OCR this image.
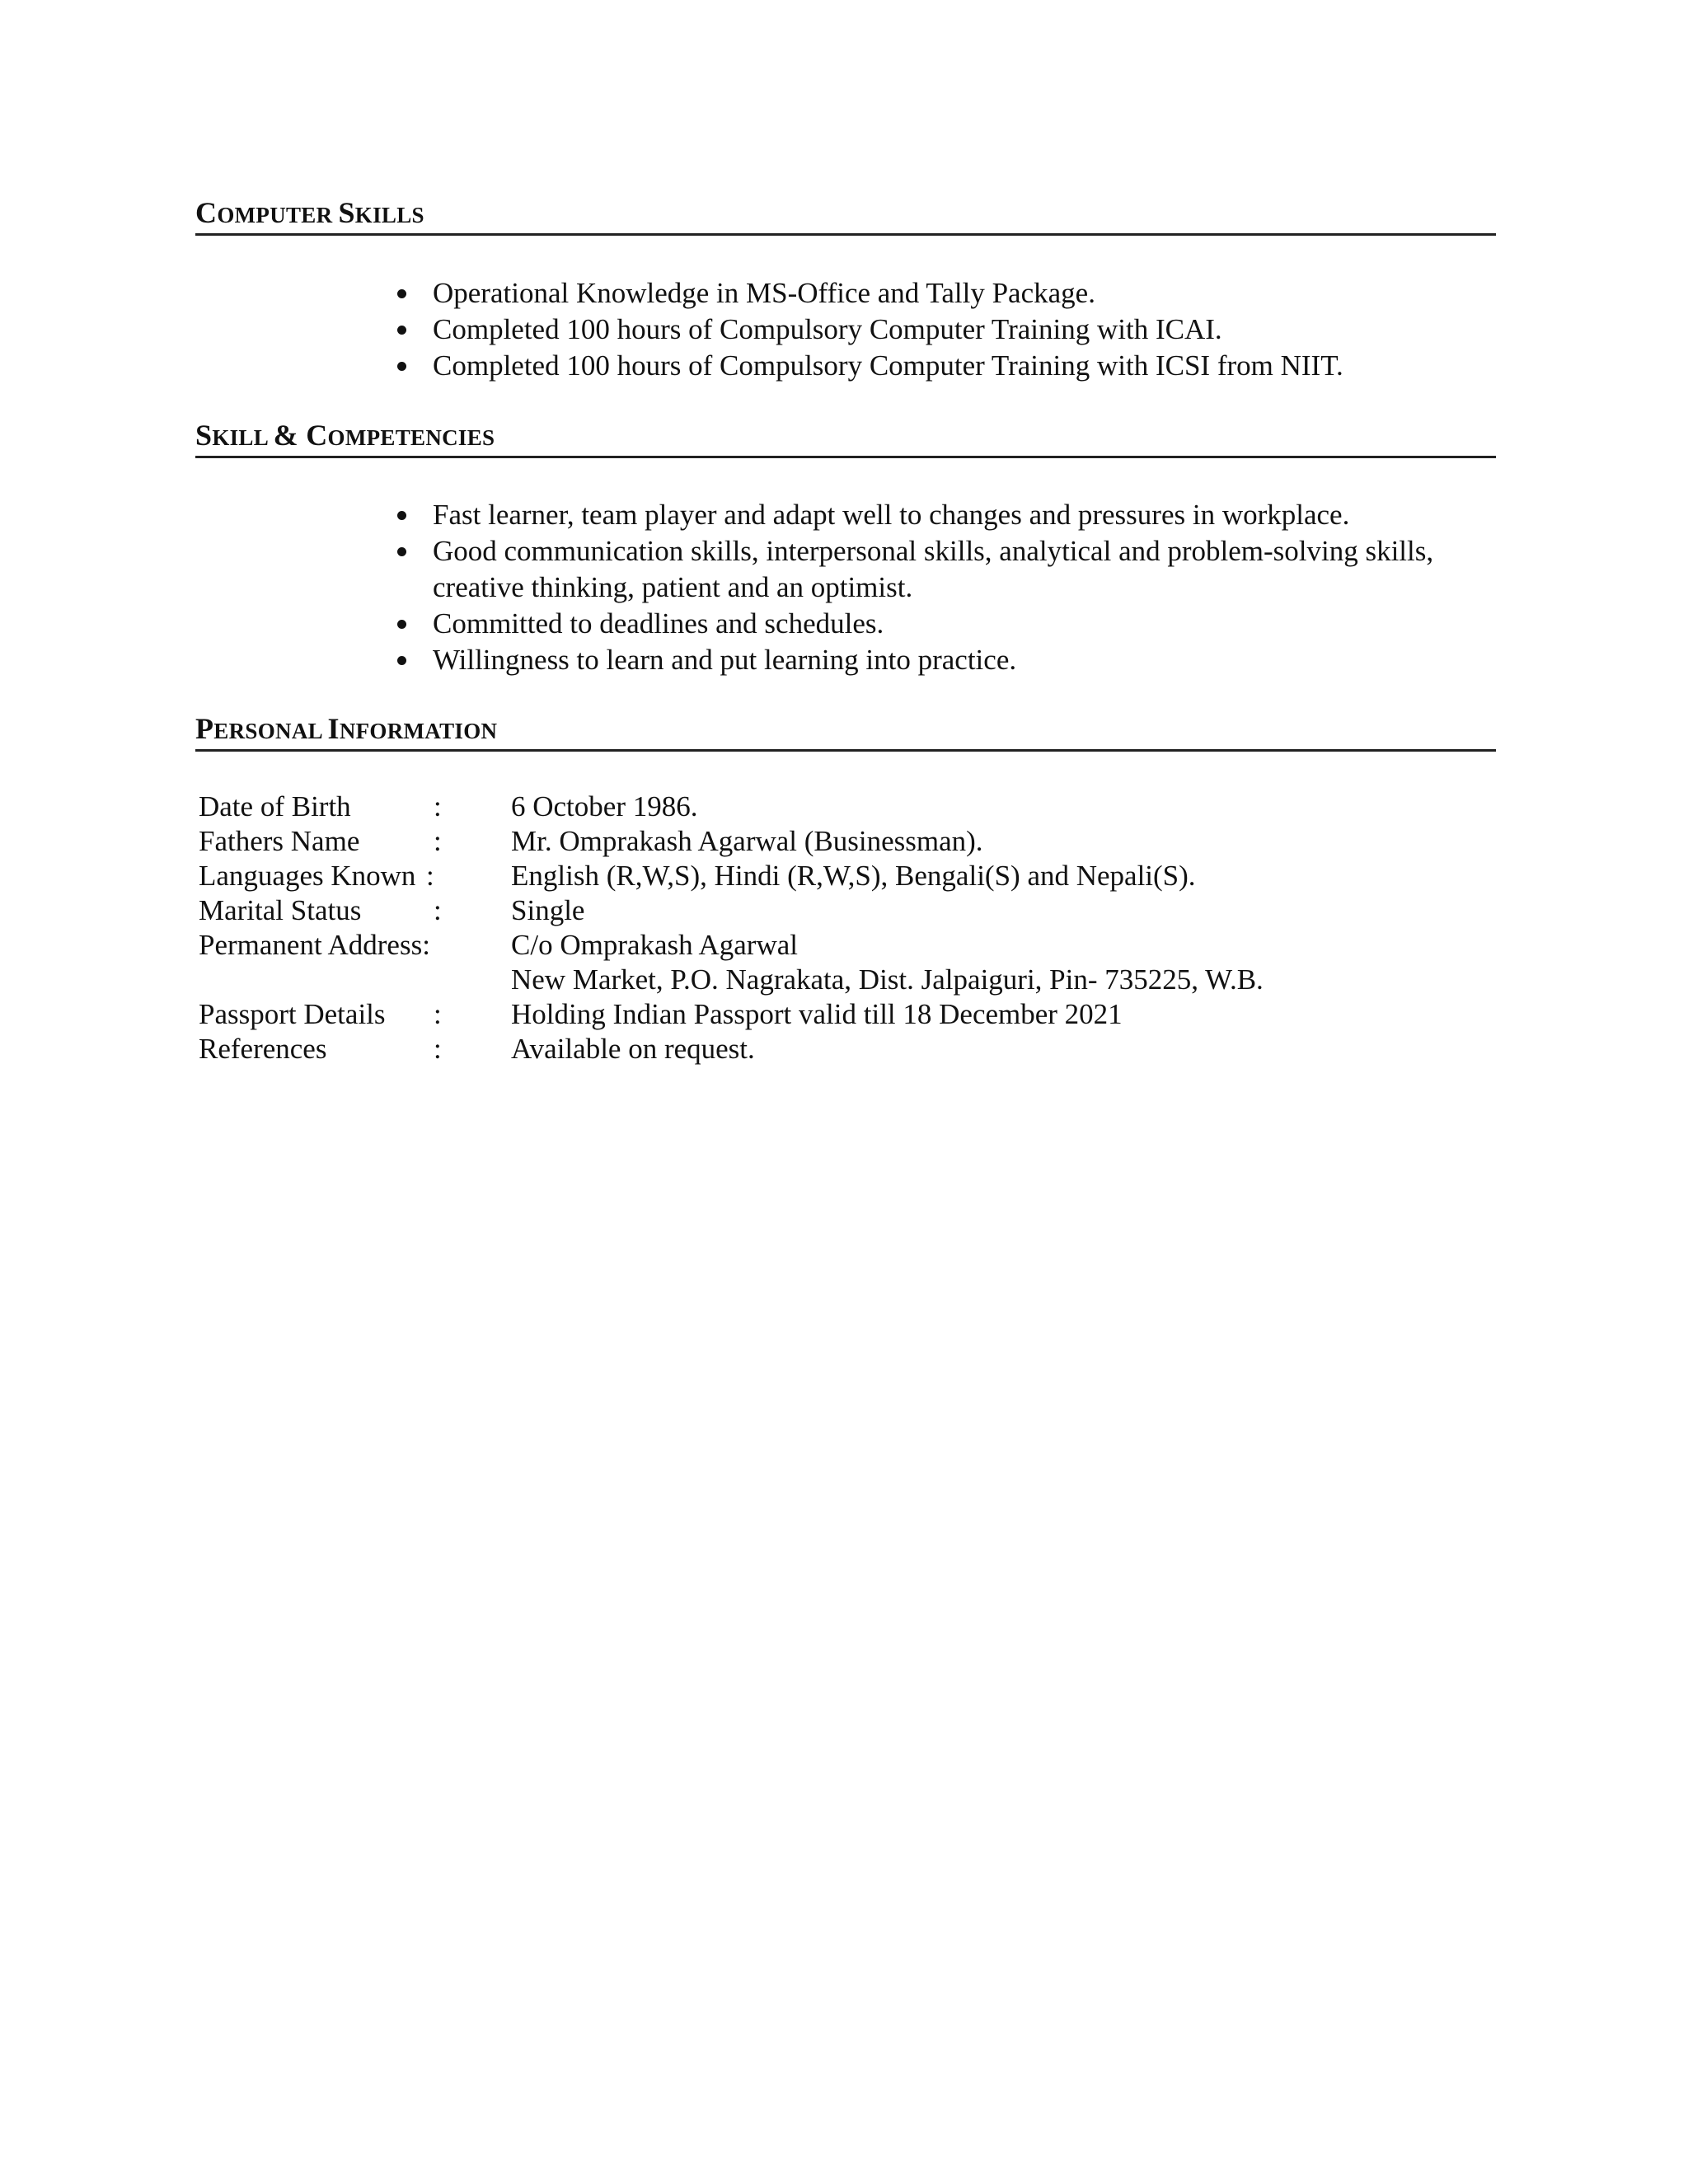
COMPUTER SKILLS
Operational Knowledge in MS-Office and Tally Package.
Completed 100 hours of Compulsory Computer Training with ICAI.
Completed 100 hours of Compulsory Computer Training with ICSI from NIIT.
SKILL & COMPETENCIES
Fast learner, team player and adapt well to changes and pressures in workplace.
Good communication skills, interpersonal skills, analytical and problem-solving skills, creative thinking, patient and an optimist.
Committed to deadlines and schedules.
Willingness to learn and put learning into practice.
PERSONAL INFORMATION
Date of Birth	: 6 October 1986.
Fathers Name	: Mr. Omprakash Agarwal (Businessman).
Languages Known :	English (R,W,S), Hindi (R,W,S), Bengali(S) and Nepali(S).
Marital Status	: Single
Permanent Address:	C/o Omprakash Agarwal
New Market, P.O. Nagrakata, Dist. Jalpaiguri, Pin- 735225, W.B.
Passport Details : Holding Indian Passport valid till 18 December 2021
References	: Available on request.
